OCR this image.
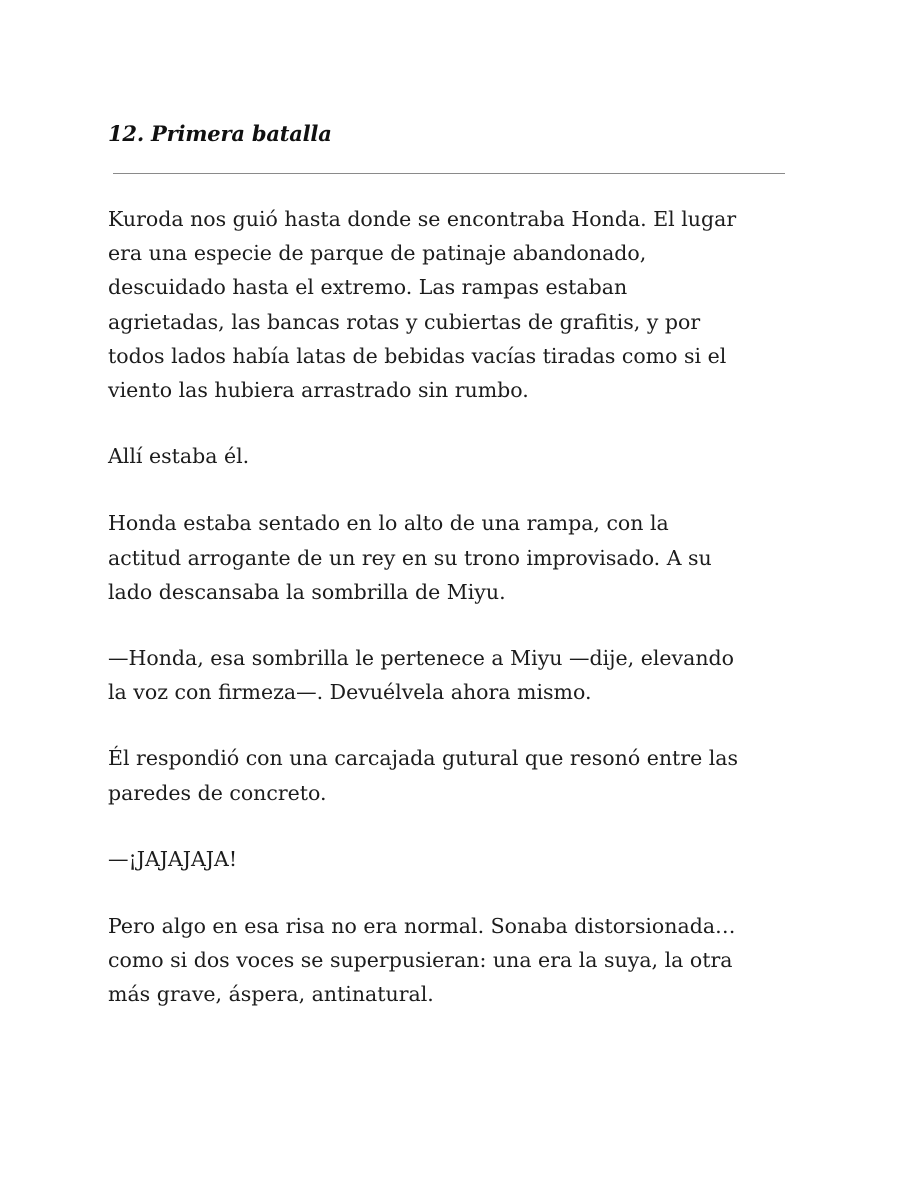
12. Primera batalla

Kuroda nos guió hasta donde se encontraba Honda. El lugar
era una especie de parque de patinaje abandonado,
descuidado hasta el extremo. Las rampas estaban
agrietadas, las bancas rotas y cubiertas de grafitis, y por
todos lados había latas de bebidas vacías tiradas como si el
viento las hubiera arrastrado sin rumbo.

Allí estaba él.

Honda estaba sentado en lo alto de una rampa, con la
actitud arrogante de un rey en su trono improvisado. A su
lado descansaba la sombrilla de Miyu.

—Honda, esa sombrilla le pertenece a Miyu —dije, elevando
la voz con firmeza—. Devuélvela ahora mismo.

Él respondió con una carcajada gutural que resonó entre las
paredes de concreto.

—¡JAJAJAJA!

Pero algo en esa risa no era normal. Sonaba distorsionada…
como si dos voces se superpusieran: una era la suya, la otra
más grave, áspera, antinatural.
